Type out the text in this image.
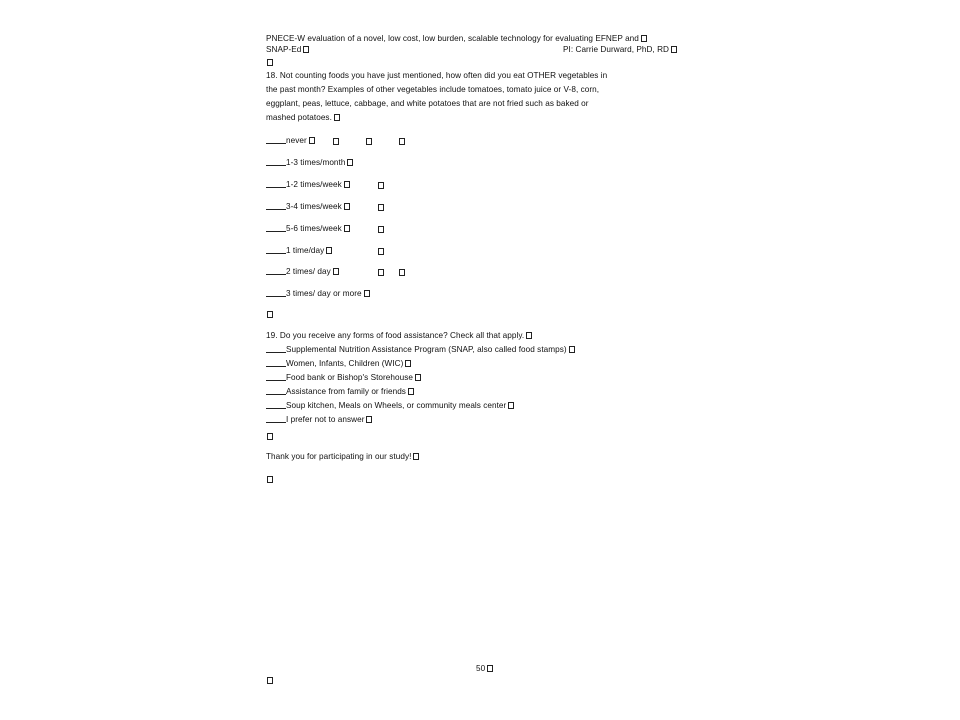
PNECE-W evaluation of a novel, low cost, low burden, scalable technology for evaluating EFNEP and
SNAP-Ed	PI: Carrie Durward, PhD, RD
18. Not counting foods you have just mentioned, how often did you eat OTHER vegetables in
the past month? Examples of other vegetables include tomatoes, tomato juice or V-8, corn,
eggplant, peas, lettuce, cabbage, and white potatoes that are not fried such as baked or
mashed potatoes.
never
1-3 times/month
1-2 times/week
3-4 times/week
5-6 times/week
1 time/day
2 times/ day
3 times/ day or more
19. Do you receive any forms of food assistance? Check all that apply.
Supplemental Nutrition Assistance Program (SNAP, also called food stamps)
Women, Infants, Children (WIC)
Food bank or Bishop's Storehouse
Assistance from family or friends
Soup kitchen, Meals on Wheels, or community meals center
I prefer not to answer
Thank you for participating in our study!
50
